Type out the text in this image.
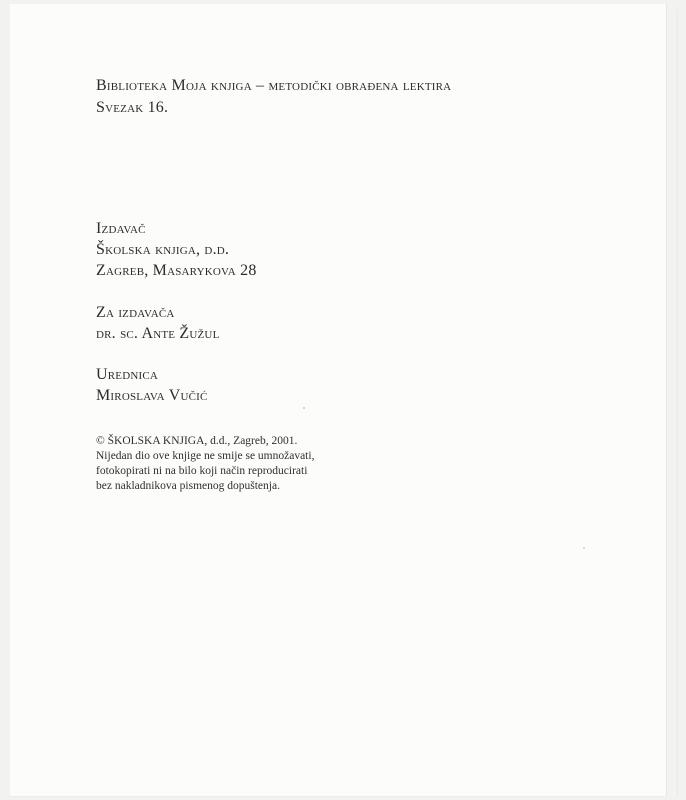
Biblioteka Moja knjiga – metodički obrađena lektira

Svezak 16.

Izdavač

Školska knjiga, d.d.

Zagreb, Masarykova 28

Za izdavača

dr. sc. Ante Žužul

Urednica

Miroslava Vučić

© ŠKOLSKA KNJIGA, d.d., Zagreb, 2001.
Nijedan dio ove knjige ne smije se umnožavati,
fotokopirati ni na bilo koji način reproducirati
bez nakladnikova pismenog dopuštenja.
